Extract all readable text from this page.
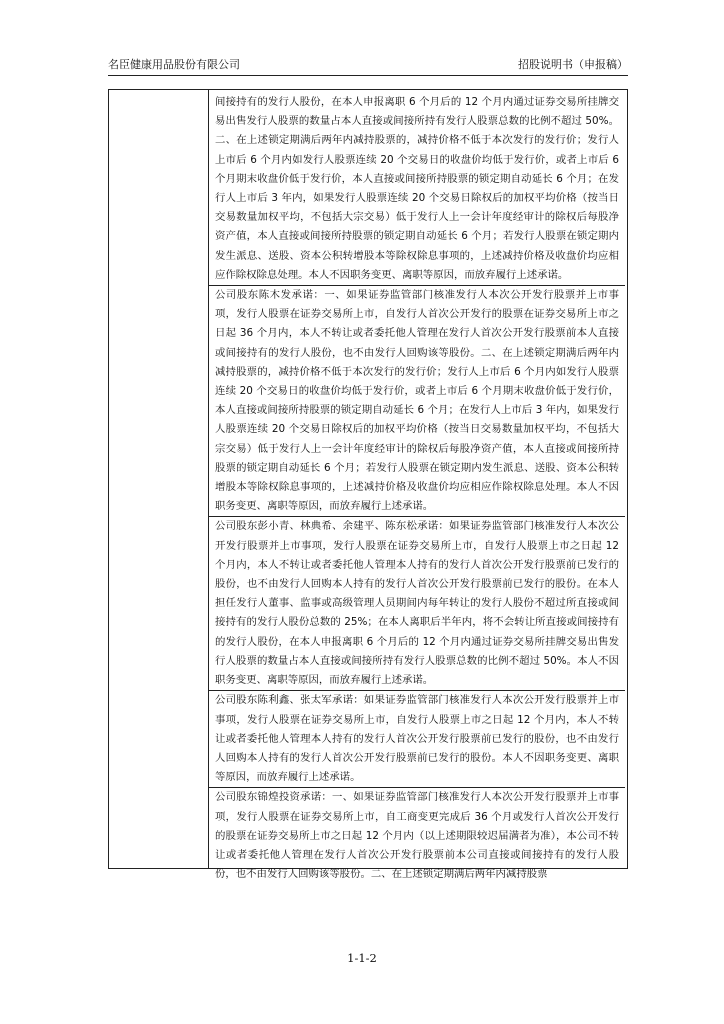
名臣健康用品股份有限公司	招股说明书（申报稿）

间接持有的发行人股份，在本人申报离职 6 个月后的 12 个月内通过证券交易所挂牌交易出售发行人股票的数量占本人直接或间接所持有发行人股票总数的比例不超过 50%。二、在上述锁定期满后两年内减持股票的，减持价格不低于本次发行的发行价；发行人上市后 6 个月内如发行人股票连续 20 个交易日的收盘价均低于发行价，或者上市后 6 个月期末收盘价低于发行价，本人直接或间接所持股票的锁定期自动延长 6 个月；在发行人上市后 3 年内，如果发行人股票连续 20 个交易日除权后的加权平均价格（按当日交易数量加权平均，不包括大宗交易）低于发行人上一会计年度经审计的除权后每股净资产值，本人直接或间接所持股票的锁定期自动延长 6 个月；若发行人股票在锁定期内发生派息、送股、资本公积转增股本等除权除息事项的，上述减持价格及收盘价均应相应作除权除息处理。本人不因职务变更、离职等原因，而放弃履行上述承诺。

公司股东陈木发承诺：一、如果证券监管部门核准发行人本次公开发行股票并上市事项，发行人股票在证券交易所上市，自发行人首次公开发行的股票在证券交易所上市之日起 36 个月内，本人不转让或者委托他人管理在发行人首次公开发行股票前本人直接或间接持有的发行人股份，也不由发行人回购该等股份。二、在上述锁定期满后两年内减持股票的，减持价格不低于本次发行的发行价；发行人上市后 6 个月内如发行人股票连续 20 个交易日的收盘价均低于发行价，或者上市后 6 个月期末收盘价低于发行价，本人直接或间接所持股票的锁定期自动延长 6 个月；在发行人上市后 3 年内，如果发行人股票连续 20 个交易日除权后的加权平均价格（按当日交易数量加权平均，不包括大宗交易）低于发行人上一会计年度经审计的除权后每股净资产值，本人直接或间接所持股票的锁定期自动延长 6 个月；若发行人股票在锁定期内发生派息、送股、资本公积转增股本等除权除息事项的，上述减持价格及收盘价均应相应作除权除息处理。本人不因职务变更、离职等原因，而放弃履行上述承诺。

公司股东彭小青、林典希、余建平、陈东松承诺：如果证券监管部门核准发行人本次公开发行股票并上市事项，发行人股票在证券交易所上市，自发行人股票上市之日起 12 个月内，本人不转让或者委托他人管理本人持有的发行人首次公开发行股票前已发行的股份，也不由发行人回购本人持有的发行人首次公开发行股票前已发行的股份。在本人担任发行人董事、监事或高级管理人员期间内每年转让的发行人股份不超过所直接或间接持有的发行人股份总数的 25%；在本人离职后半年内，将不会转让所直接或间接持有的发行人股份，在本人申报离职 6 个月后的 12 个月内通过证券交易所挂牌交易出售发行人股票的数量占本人直接或间接所持有发行人股票总数的比例不超过 50%。本人不因职务变更、离职等原因，而放弃履行上述承诺。

公司股东陈利鑫、张太军承诺：如果证券监管部门核准发行人本次公开发行股票并上市事项，发行人股票在证券交易所上市，自发行人股票上市之日起 12 个月内，本人不转让或者委托他人管理本人持有的发行人首次公开发行股票前已发行的股份，也不由发行人回购本人持有的发行人首次公开发行股票前已发行的股份。本人不因职务变更、离职等原因，而放弃履行上述承诺。

公司股东锦煌投资承诺：一、如果证券监管部门核准发行人本次公开发行股票并上市事项，发行人股票在证券交易所上市，自工商变更完成后 36 个月或发行人首次公开发行的股票在证券交易所上市之日起 12 个月内（以上述期限较迟届满者为准），本公司不转让或者委托他人管理在发行人首次公开发行股票前本公司直接或间接持有的发行人股份，也不由发行人回购该等股份。二、在上述锁定期满后两年内减持股票

1-1-2
